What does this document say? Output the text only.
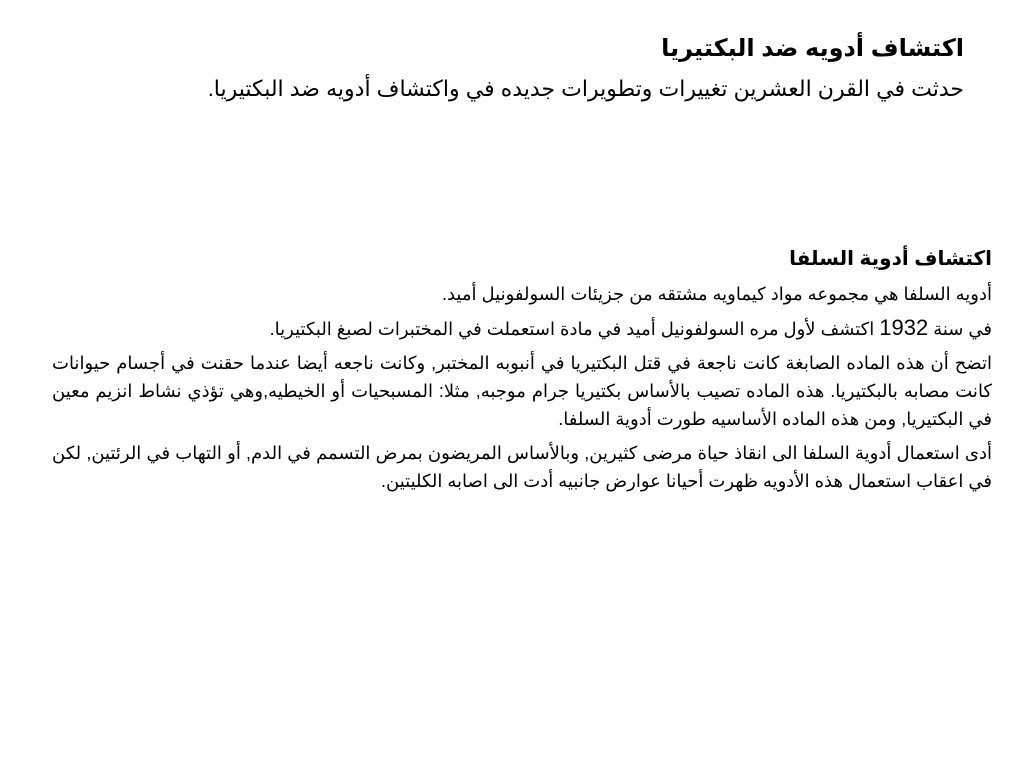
اكتشاف أدويه ضد البكتيريا

حدثت في القرن العشرين تغييرات وتطويرات جديده في واكتشاف أدويه ضد البكتيريا.

اكتشاف أدوية السلفا

أدويه السلفا هي مجموعه مواد كيماويه مشتقه من جزيئات السولفونيل أميد.

في سنة 1932 اكتشف لأول مره السولفونيل أميد في مادة استعملت في المختبرات لصبغ البكتيريا.

اتضح أن هذه الماده الصابغة كانت ناجعة في قتل البكتيريا في أنبوبه المختبر, وكانت ناجعه أيضا عندما حقنت في أجسام حيوانات كانت مصابه بالبكتيريا. هذه الماده تصيب بالأساس بكتيريا جرام موجبه, مثلا: المسبحيات أو الخيطيه,وهي تؤذي نشاط انزيم معين في البكتيريا, ومن هذه الماده الأساسيه طورت أدوية السلفا.

أدى استعمال أدوية السلفا الى انقاذ حياة مرضى كثيرين, وبالأساس المريضون بمرض التسمم في الدم, أو التهاب في الرئتين, لكن في اعقاب استعمال هذه الأدويه ظهرت أحيانا عوارض جانبيه أدت الى اصابه الكليتين.
